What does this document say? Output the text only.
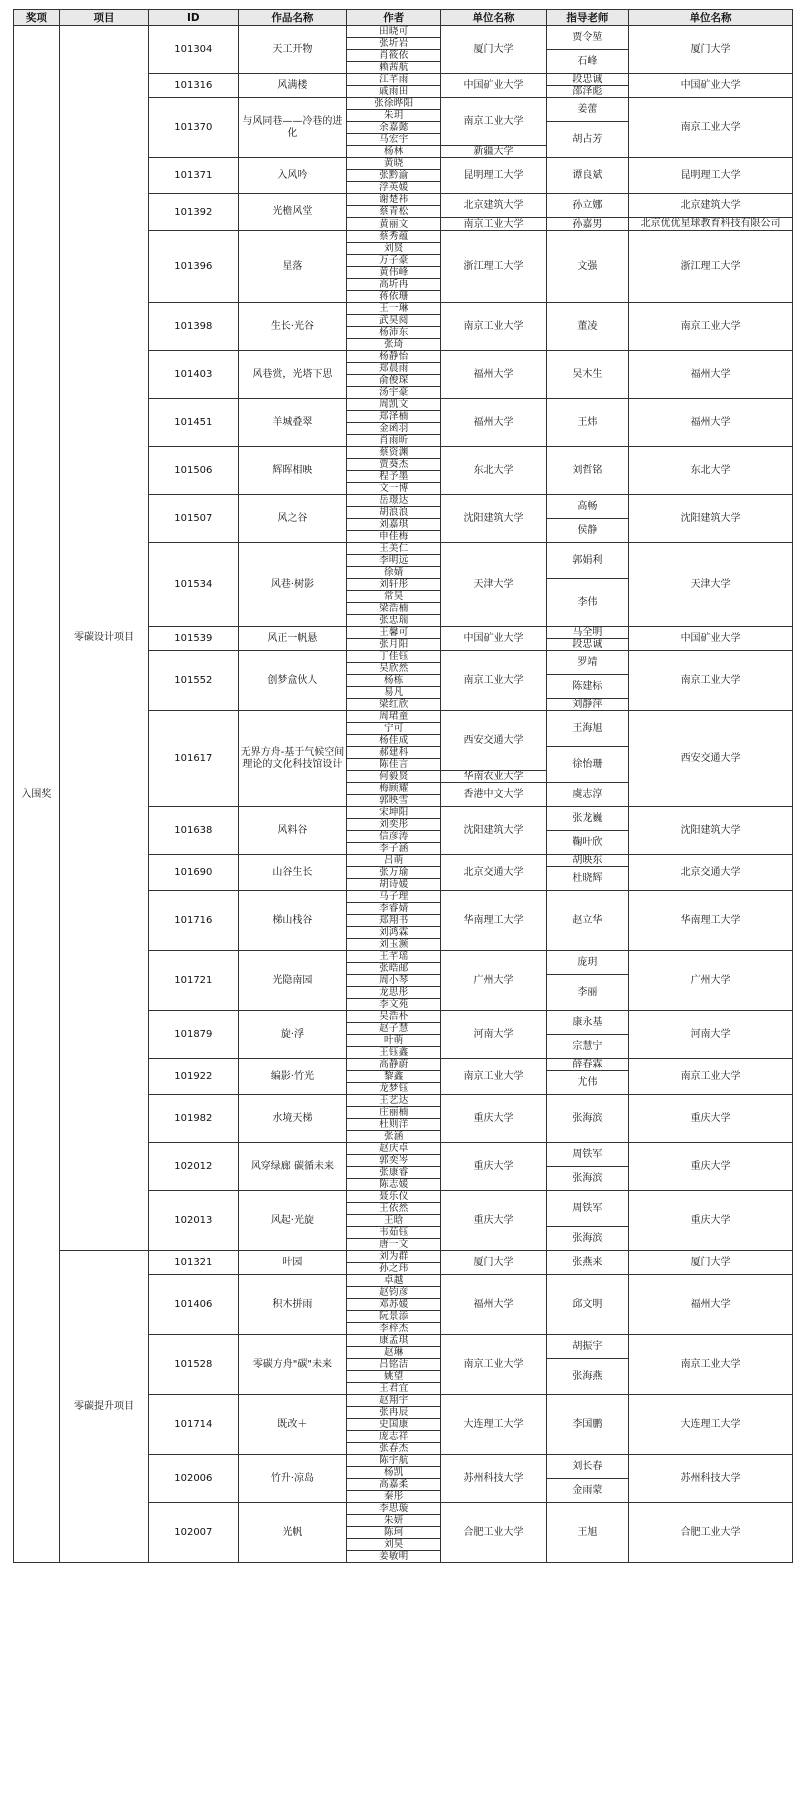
奖项	项目	ID	作品名称	作者	单位名称	指导老师	单位名称
入围奖	零碳设计项目	101304	天工开物	田晓可	厦门大学	贾令堃	厦门大学
				张圻岩			
				肖筱依		石峰	
				赖茜航			
		101316	风满楼	江芊雨	中国矿业大学	段忠诚	中国矿业大学
				戚雨田		邵泽彪	
		101370	与风同巷——冷巷的进化	张徐晔阳	南京工业大学	姜蕾	南京工业大学
				朱玥			
				余嘉懿		胡占芳	
				马宏宇			
				杨林	新疆大学		
		101371	入风吟	黄晓	昆明理工大学	谭良斌	昆明理工大学
				张黔渝			
				浮英媛			
		101392	光檐风堂	谢楚祎	北京建筑大学	孙立娜	北京建筑大学
				蔡青松			
				黄丽文	南京工业大学	孙嘉男	北京优优星球教育科技有限公司
		101396	星落	蔡秀蕴	浙江理工大学	文强	浙江理工大学
				刘贤			
				万子豪			
				黄伟峰			
				高圻冉			
				蒋依珊			
		101398	生长·光谷	王一琳	南京工业大学	董凌	南京工业大学
				武昊阅			
				杨沛东			
				张琦			
		101403	风巷赏，光塔下思	杨静怡	福州大学	吴木生	福州大学
				郑晨雨			
				俞俊琛			
				汤宇豪			
		101451	羊城叠翠	周凯文	福州大学	王炜	福州大学
				郑泽楠			
				金函羽			
				肖雨昕			
		101506	辉晖相映	蔡资渊	东北大学	刘哲铭	东北大学
				贾葵杰			
				程予墨			
				文一博			
		101507	风之谷	岳璟达	沈阳建筑大学	高畅	沈阳建筑大学
				胡浪浪			
				刘嘉琪		侯静	
				申佳梅			
		101534	风巷·树影	王美仁	天津大学	郭娟利	天津大学
				李明远			
				徐婧			
				刘轩彤		李伟	
				常昊			
				梁浩楠			
				张忠瑞			
		101539	风正一帆悬	王馨可	中国矿业大学	马全明	中国矿业大学
				张月阳		段忠诚	
		101552	创梦盒伙人	丁佳钰	南京工业大学	罗靖	南京工业大学
				吴欣然			
				杨栋		陈建标	
				易凡			
				梁红欣		刘静萍	
		101617	无界方舟-基于气候空间理论的文化科技馆设计	周珺童	西安交通大学	王海旭	西安交通大学
				宁可			
				杨佳成			
				郝建科		徐怡珊	
				陈佳言			
				何毅贤	华南农业大学		
				梅顾耀	香港中文大学	虞志淳	
				郭映雪			
		101638	风料谷	宋坤阳	沈阳建筑大学	张龙巍	沈阳建筑大学
				刘奕彤			
				信彦涛		鞠叶欣	
				李子涵			
		101690	山谷生长	吕萌	北京交通大学	胡映东	北京交通大学
				张万瑜		杜晓辉	
				胡诗媛			
		101716	梯山栈谷	马子理	华南理工大学	赵立华	华南理工大学
				李睿婧			
				郑翔书			
				刘鸿霖			
				刘玉濒			
		101721	光隐南园	王芊瑶	广州大学	庞玥	广州大学
				张晧邮			
				周小琴		李丽	
				龙思彤			
				李文苑			
		101879	旋·浮	吴浩朴	河南大学	康永基	河南大学
				赵子慧			
				叶萌		宗慧宁	
				王钰鑫			
		101922	编影·竹光	高静蔚	南京工业大学	薛春霖	南京工业大学
				黎鑫		尤伟	
				龙梦钰			
		101982	水境天梯	王艺达	重庆大学	张海滨	重庆大学
				庄丽楠			
				杜则洋			
				张涵			
		102012	风穿绿廊 碳循未来	赵庆卓	重庆大学	周铁军	重庆大学
				郭奕岑			
				张康睿		张海滨	
				陈志媛			
		102013	风起·光旋	聂乐仪	重庆大学	周铁军	重庆大学
				王依然			
				王晗			
				韦茹钰		张海滨	
				唐一文			
	零碳提升项目	101321	叶园	刘为群	厦门大学	张燕来	厦门大学
				孙之玮			
		101406	积木拼雨	卓越	福州大学	邱文明	福州大学
				赵钧彦			
				邓苏媛			
				阮景添			
				李梓杰			
		101528	零碳方舟"碳"未来	康孟琪	南京工业大学	胡振宇	南京工业大学
				赵琳			
				吕铭洁		张海燕	
				姚望			
				王君宜			
		101714	既改＋	赵翔宇	大连理工大学	李国鹏	大连理工大学
				张冉辰			
				史国康			
				庞志祥			
				张春杰			
		102006	竹升·凉岛	陈宇航	苏州科技大学	刘长春	苏州科技大学
				杨凯			
				高嘉柔		金雨蒙	
				秦彤			
		102007	光帆	李思璇	合肥工业大学	王旭	合肥工业大学
				朱妍			
				陈珂			
				刘昊			
				姜敏明			
